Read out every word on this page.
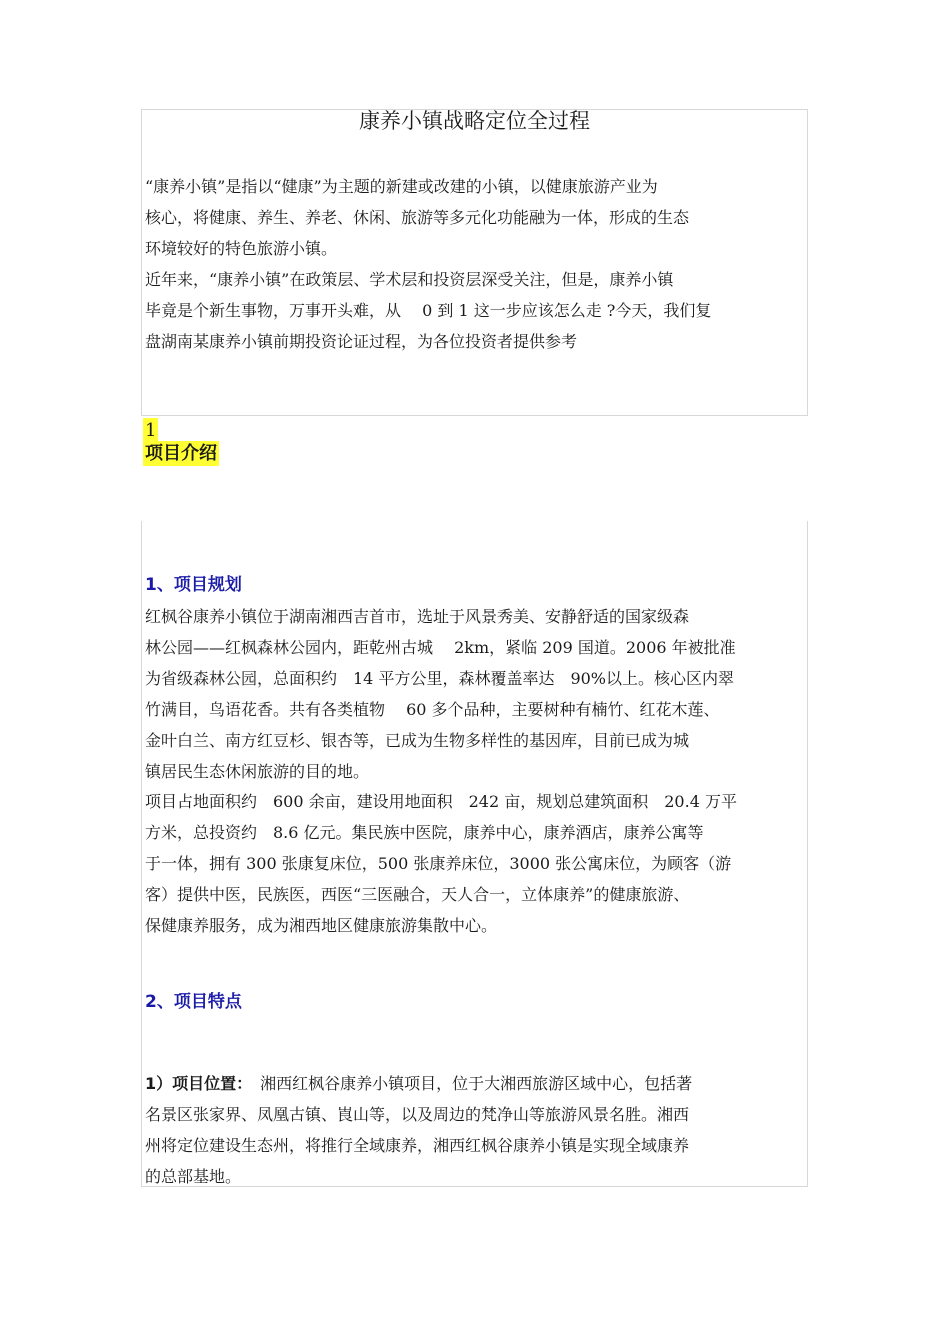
康养小镇战略定位全过程

“康养小镇”是指以“健康”为主题的新建或改建的小镇，以健康旅游产业为
核心，将健康、养生、养老、休闲、旅游等多元化功能融为一体，形成的生态
环境较好的特色旅游小镇。
近年来，“康养小镇”在政策层、学术层和投资层深受关注，但是，康养小镇
毕竟是个新生事物，万事开头难，从　 0 到 1 这一步应该怎么走 ?今天，我们复
盘湖南某康养小镇前期投资论证过程，为各位投资者提供参考

1
项目介绍
1、项目规划

红枫谷康养小镇位于湖南湘西吉首市，选址于风景秀美、安静舒适的国家级森
林公园——红枫森林公园内，距乾州古城　 2km，紧临 209 国道。2006 年被批准
为省级森林公园，总面积约　14 平方公里，森林覆盖率达　90%以上。核心区内翠
竹满目，鸟语花香。共有各类植物　 60 多个品种，主要树种有楠竹、红花木莲、
金叶白兰、南方红豆杉、银杏等，已成为生物多样性的基因库，目前已成为城
镇居民生态休闲旅游的目的地。

项目占地面积约　600 余亩，建设用地面积　242 亩，规划总建筑面积　20.4 万平
方米，总投资约　8.6 亿元。集民族中医院，康养中心，康养酒店，康养公寓等
于一体，拥有 300 张康复床位，500 张康养床位，3000 张公寓床位，为顾客（游
客）提供中医，民族医，西医“三医融合，天人合一，立体康养”的健康旅游、
保健康养服务，成为湘西地区健康旅游集散中心。

2、项目特点

1）项目位置：　湘西红枫谷康养小镇项目，位于大湘西旅游区域中心，包括著
名景区张家界、凤凰古镇、崀山等，以及周边的梵净山等旅游风景名胜。湘西
州将定位建设生态州，将推行全域康养，湘西红枫谷康养小镇是实现全域康养
的总部基地。
